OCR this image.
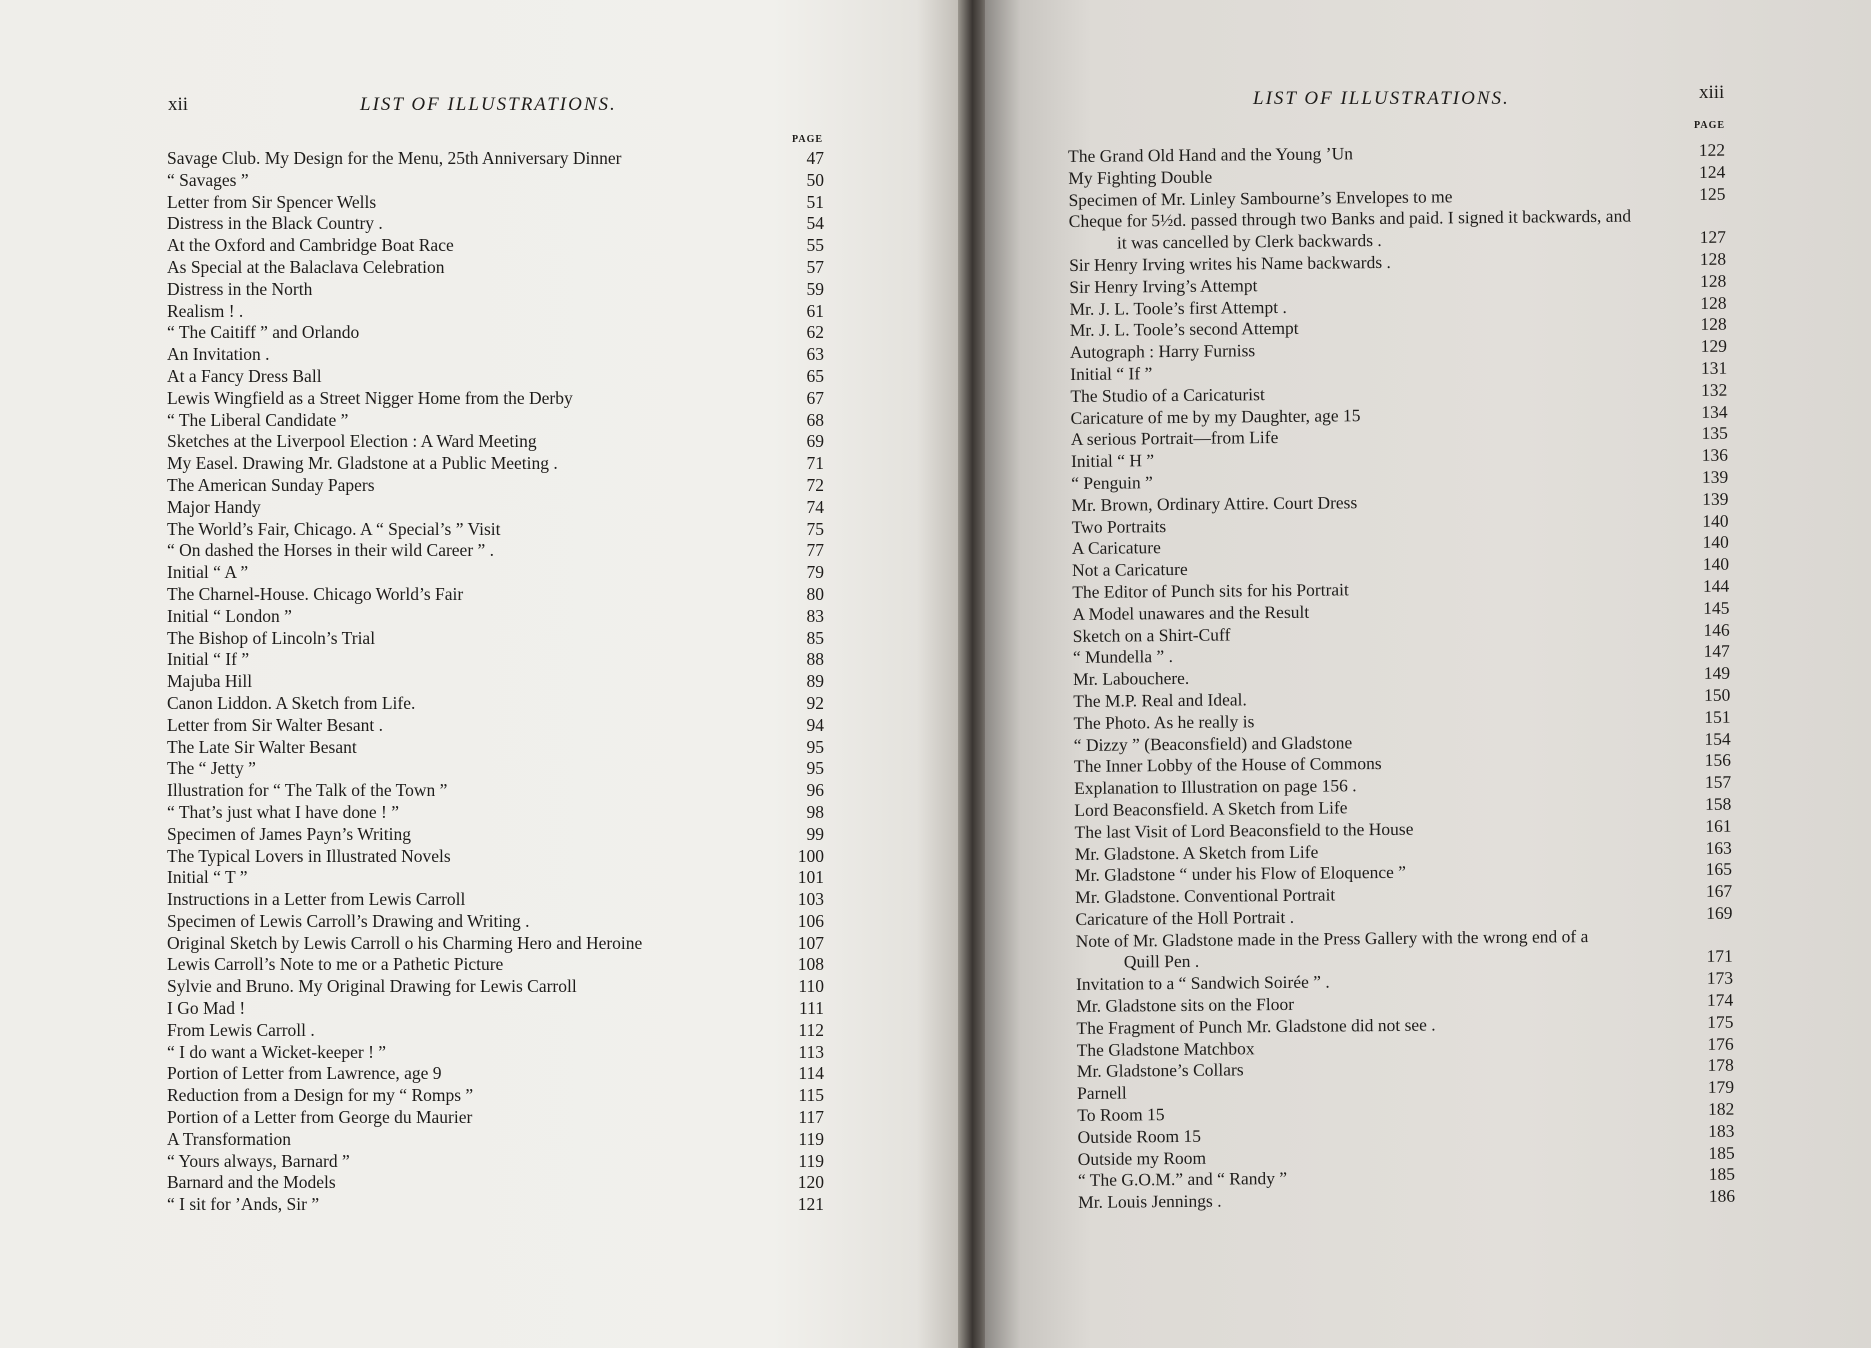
xii	LIST OF ILLUSTRATIONS.
PAGE
LIST OF ILLUSTRATIONS.	xiii
PAGE
Savage Club. My Design for the Menu, 25th Anniversary Dinner	47
“ Savages ”	50
Letter from Sir Spencer Wells	51
Distress in the Black Country .	54
At the Oxford and Cambridge Boat Race	55
As Special at the Balaclava Celebration	57
Distress in the North	59
Realism ! .	61
“ The Caitiff ” and Orlando	62
An Invitation .	63
At a Fancy Dress Ball	65
Lewis Wingfield as a Street Nigger Home from the Derby	67
“ The Liberal Candidate ”	68
Sketches at the Liverpool Election : A Ward Meeting	69
My Easel. Drawing Mr. Gladstone at a Public Meeting .	71
The American Sunday Papers	72
Major Handy	74
The World’s Fair, Chicago. A “ Special’s ” Visit	75
“ On dashed the Horses in their wild Career ” .	77
Initial “ A ”	79
The Charnel-House. Chicago World’s Fair	80
Initial “ London ”	83
The Bishop of Lincoln’s Trial	85
Initial “ If ”	88
Majuba Hill	89
Canon Liddon. A Sketch from Life.	92
Letter from Sir Walter Besant .	94
The Late Sir Walter Besant	95
The “ Jetty ”	95
Illustration for “ The Talk of the Town ”	96
“ That’s just what I have done ! ”	98
Specimen of James Payn’s Writing	99
The Typical Lovers in Illustrated Novels	100
Initial “ T ”	101
Instructions in a Letter from Lewis Carroll	103
Specimen of Lewis Carroll’s Drawing and Writing .	106
Original Sketch by Lewis Carroll o his Charming Hero and Heroine	107
Lewis Carroll’s Note to me or a Pathetic Picture	108
Sylvie and Bruno. My Original Drawing for Lewis Carroll	110
I Go Mad !	111
From Lewis Carroll .	112
“ I do want a Wicket-keeper ! ”	113
Portion of Letter from Lawrence, age 9	114
Reduction from a Design for my “ Romps ”	115
Portion of a Letter from George du Maurier	117
A Transformation	119
“ Yours always, Barnard ”	119
Barnard and the Models	120
“ I sit for ’Ands, Sir ”	121
The Grand Old Hand and the Young ’Un	122
My Fighting Double	124
Specimen of Mr. Linley Sambourne’s Envelopes to me	125
Cheque for 5½d. passed through two Banks and paid. I signed it backwards, and
it was cancelled by Clerk backwards .	127
Sir Henry Irving writes his Name backwards .	128
Sir Henry Irving’s Attempt	128
Mr. J. L. Toole’s first Attempt .	128
Mr. J. L. Toole’s second Attempt	128
Autograph : Harry Furniss	129
Initial “ If ”	131
The Studio of a Caricaturist	132
Caricature of me by my Daughter, age 15	134
A serious Portrait—from Life	135
Initial “ H ”	136
“ Penguin ”	139
Mr. Brown, Ordinary Attire. Court Dress	139
Two Portraits	140
A Caricature	140
Not a Caricature	140
The Editor of Punch sits for his Portrait	144
A Model unawares and the Result	145
Sketch on a Shirt-Cuff	146
“ Mundella ” .	147
Mr. Labouchere.	149
The M.P. Real and Ideal.	150
The Photo. As he really is	151
“ Dizzy ” (Beaconsfield) and Gladstone	154
The Inner Lobby of the House of Commons	156
Explanation to Illustration on page 156 .	157
Lord Beaconsfield. A Sketch from Life	158
The last Visit of Lord Beaconsfield to the House	161
Mr. Gladstone. A Sketch from Life	163
Mr. Gladstone “ under his Flow of Eloquence ”	165
Mr. Gladstone. Conventional Portrait	167
Caricature of the Holl Portrait .	169
Note of Mr. Gladstone made in the Press Gallery with the wrong end of a
Quill Pen .	171
Invitation to a “ Sandwich Soirée ” .	173
Mr. Gladstone sits on the Floor	174
The Fragment of Punch Mr. Gladstone did not see .	175
The Gladstone Matchbox	176
Mr. Gladstone’s Collars	178
Parnell	179
To Room 15	182
Outside Room 15	183
Outside my Room	185
“ The G.O.M.” and “ Randy ”	185
Mr. Louis Jennings .	186
